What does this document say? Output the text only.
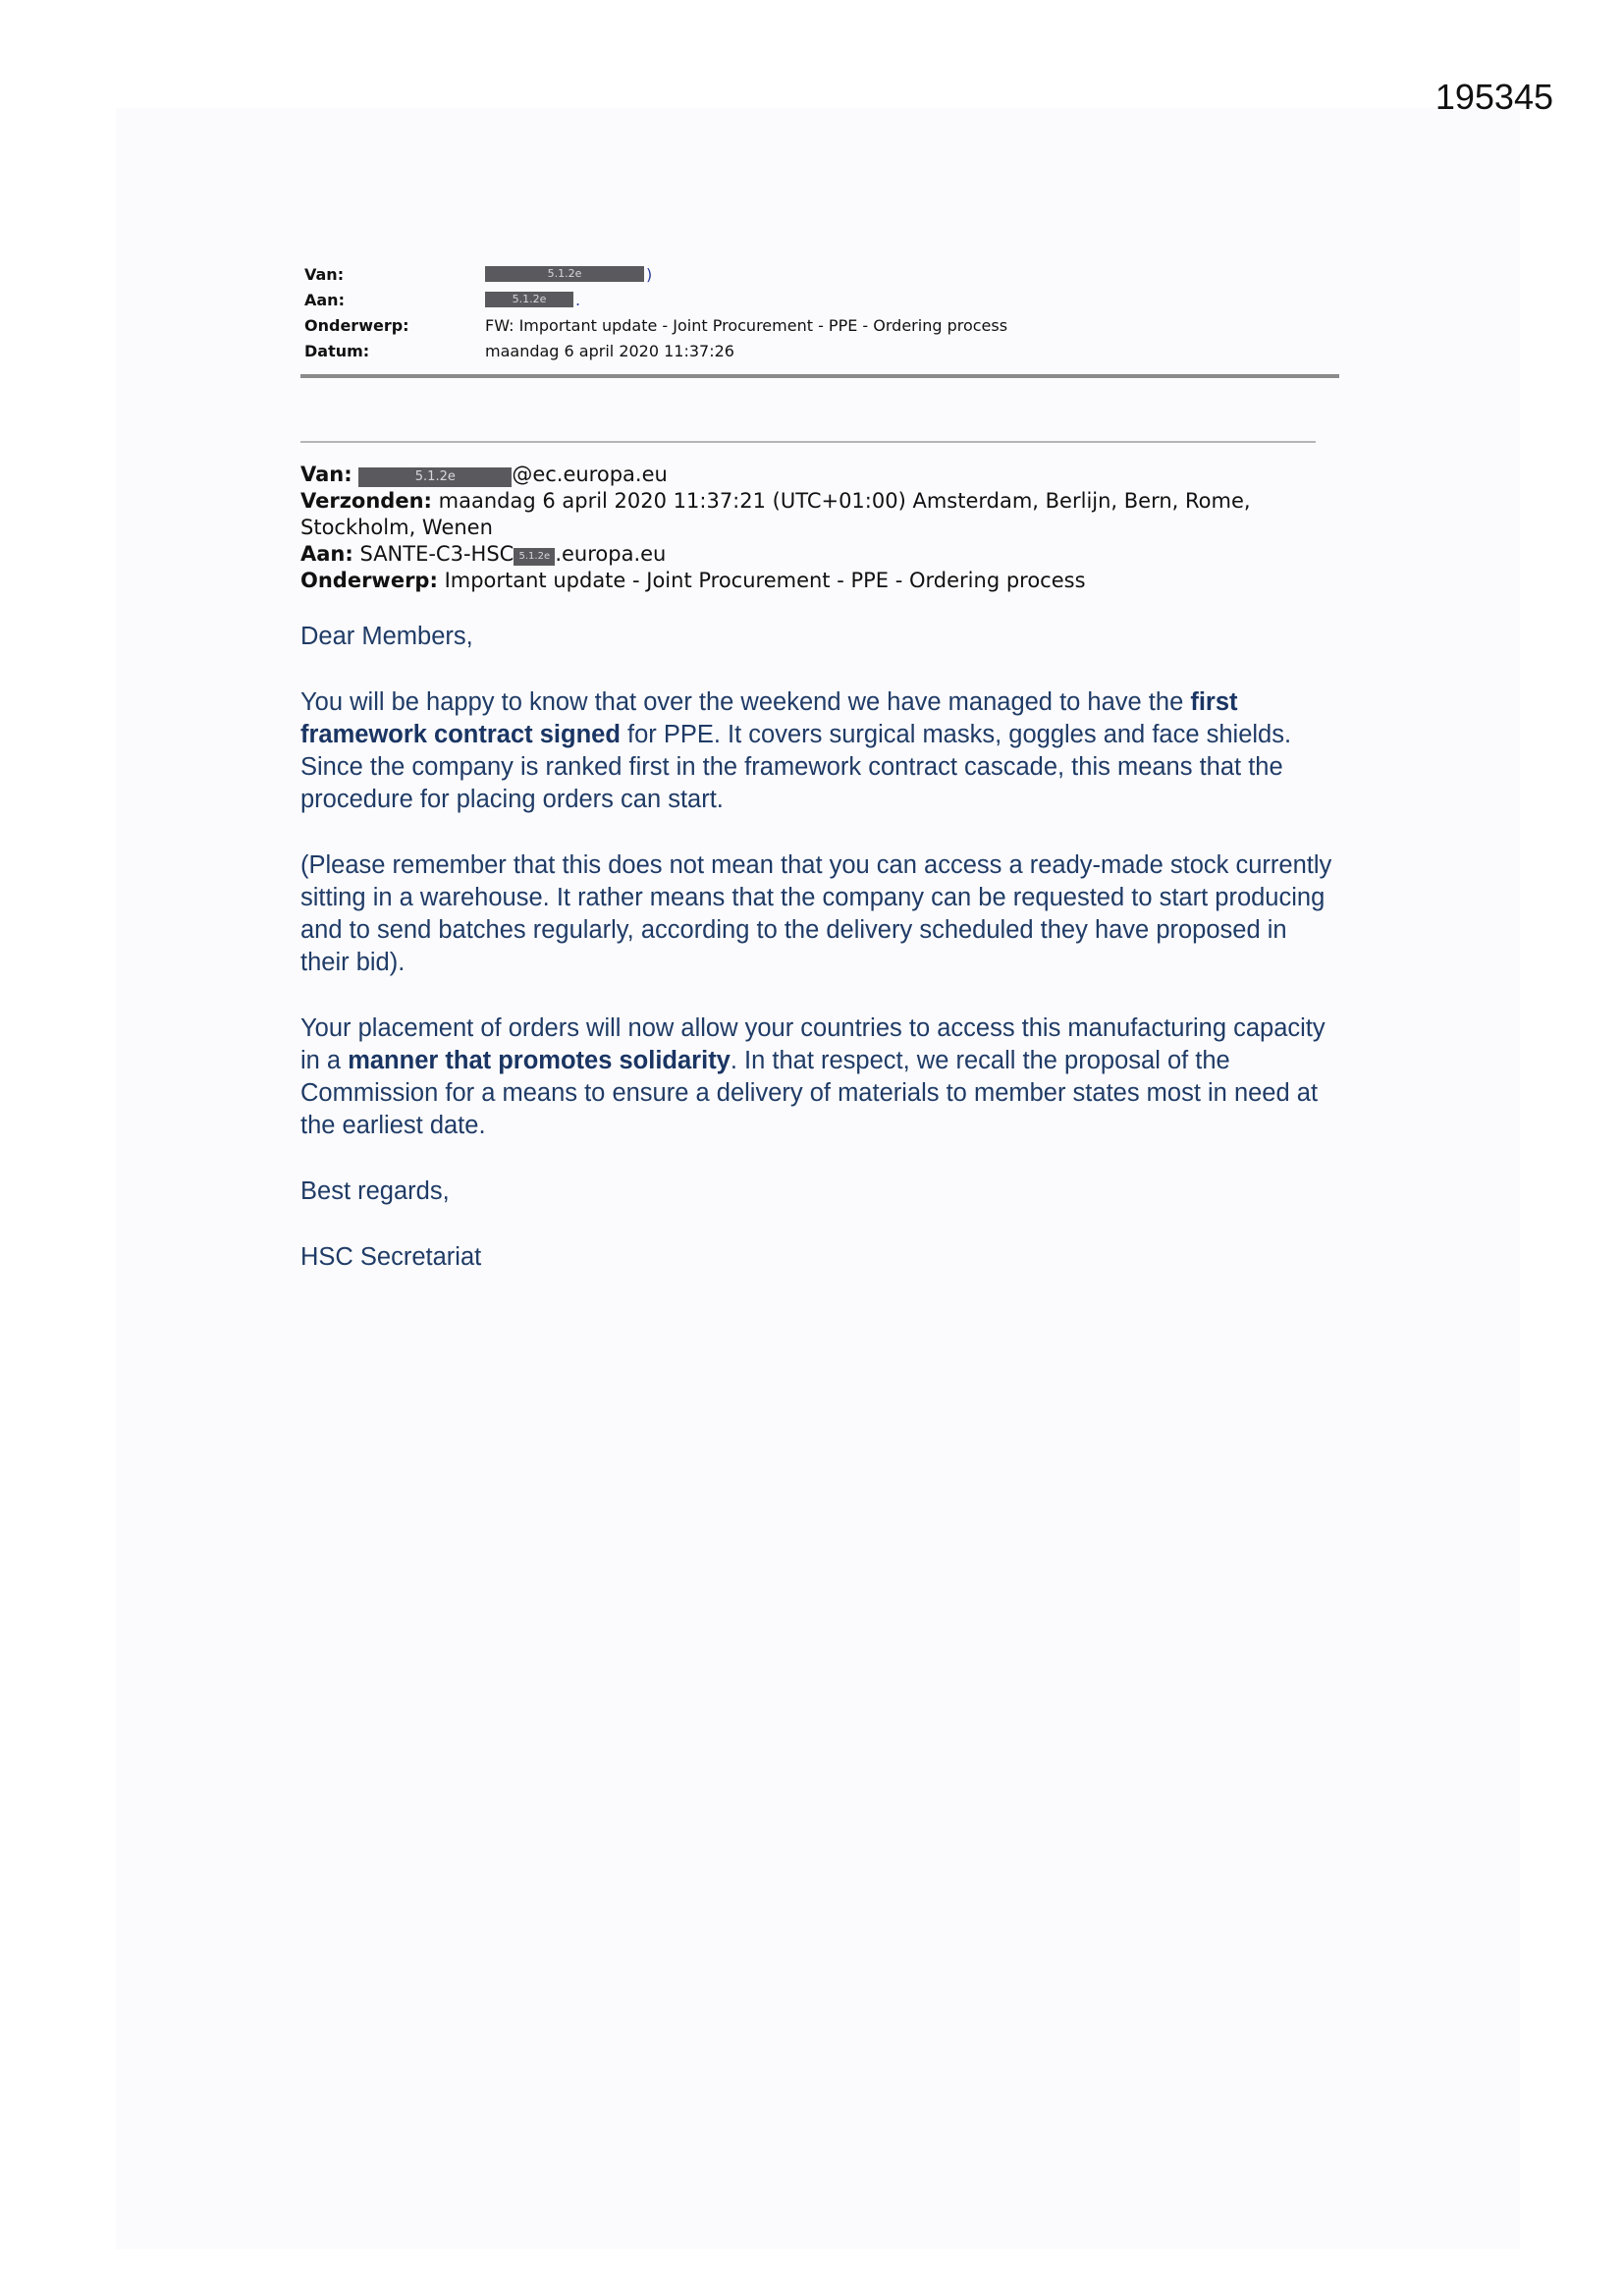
195345
Van:	5.1.2e	)
Aan:	5.1.2e	.
Onderwerp:	FW: Important update - Joint Procurement - PPE - Ordering process
Datum:	maandag 6 april 2020 11:37:26
Van:	5.1.2e	@ec.europa.eu
Verzonden: maandag 6 april 2020 11:37:21 (UTC+01:00) Amsterdam, Berlijn, Bern, Rome, Stockholm, Wenen
Aan: SANTE-C3-HSC 5.1.2e .europa.eu
Onderwerp: Important update - Joint Procurement - PPE - Ordering process

Dear Members,

You will be happy to know that over the weekend we have managed to have the first framework contract signed for PPE. It covers surgical masks, goggles and face shields. Since the company is ranked first in the framework contract cascade, this means that the procedure for placing orders can start.

(Please remember that this does not mean that you can access a ready-made stock currently sitting in a warehouse. It rather means that the company can be requested to start producing and to send batches regularly, according to the delivery scheduled they have proposed in their bid).

Your placement of orders will now allow your countries to access this manufacturing capacity in a manner that promotes solidarity. In that respect, we recall the proposal of the Commission for a means to ensure a delivery of materials to member states most in need at the earliest date.

Best regards,

HSC Secretariat
